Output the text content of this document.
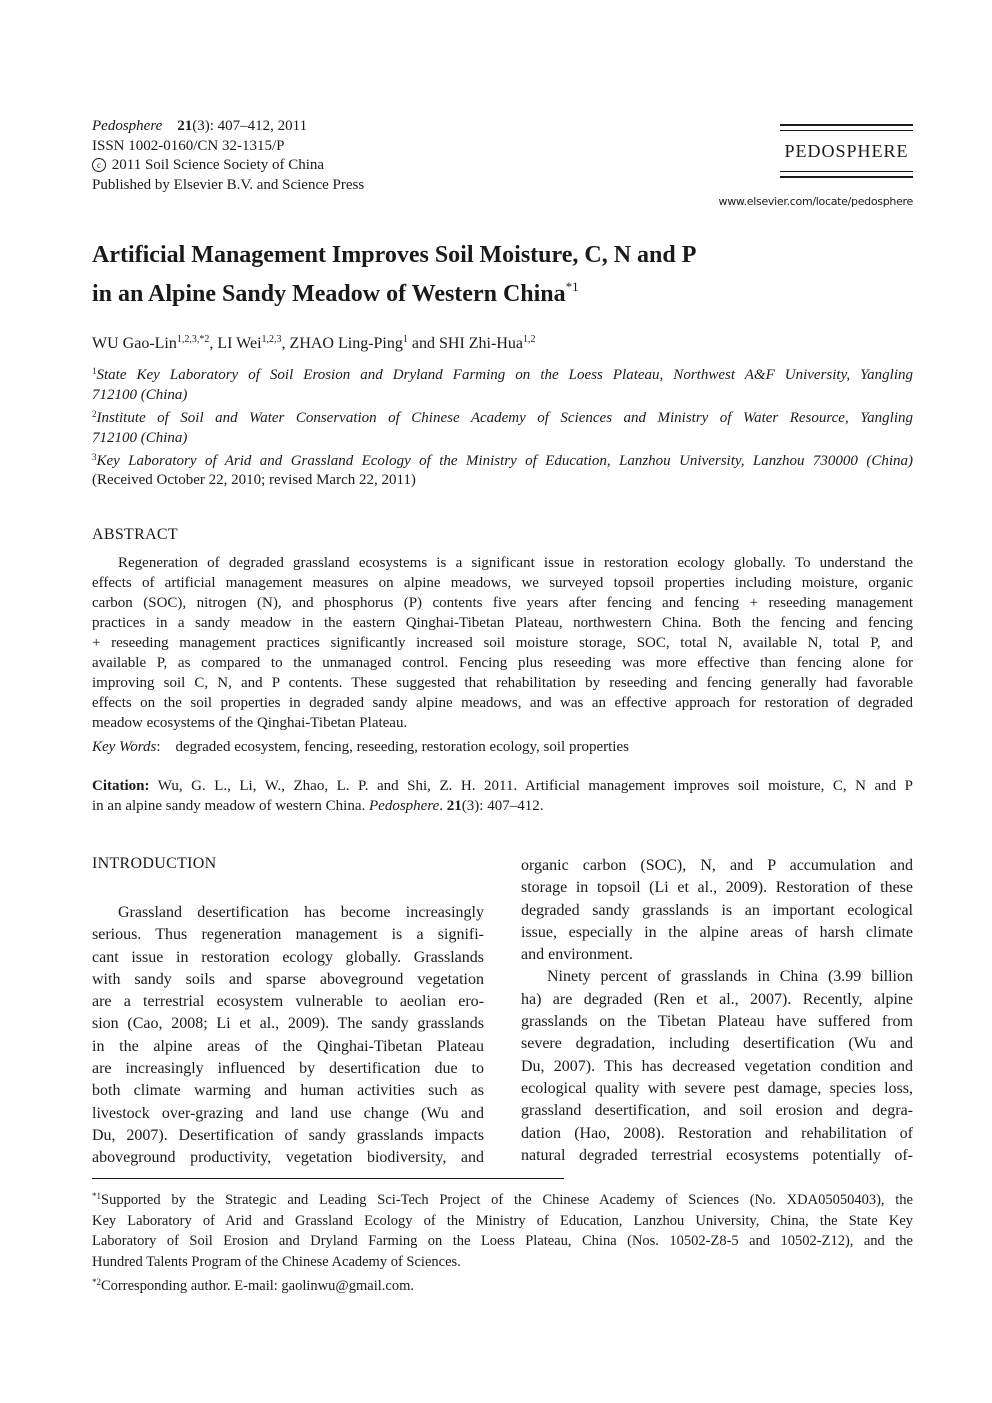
Pedosphere 21(3): 407–412, 2011
ISSN 1002-0160/CN 32-1315/P
c 2011 Soil Science Society of China
Published by Elsevier B.V. and Science Press
PEDOSPHERE
www.elsevier.com/locate/pedosphere
Artificial Management Improves Soil Moisture, C, N and P
in an Alpine Sandy Meadow of Western China$^{*1}$
WU Gao-Lin$^{1,2,3,*2}$, LI Wei$^{1,2,3}$, ZHAO Ling-Ping$^1$ and SHI Zhi-Hua$^{1,2}$
$^1$State Key Laboratory of Soil Erosion and Dryland Farming on the Loess Plateau, Northwest A&F University, Yangling
712100 (China)
$^2$Institute of Soil and Water Conservation of Chinese Academy of Sciences and Ministry of Water Resource, Yangling
712100 (China)
$^3$Key Laboratory of Arid and Grassland Ecology of the Ministry of Education, Lanzhou University, Lanzhou 730000 (China)
(Received October 22, 2010; revised March 22, 2011)
ABSTRACT
Regeneration of degraded grassland ecosystems is a significant issue in restoration ecology globally. To understand the
effects of artificial management measures on alpine meadows, we surveyed topsoil properties including moisture, organic
carbon (SOC), nitrogen (N), and phosphorus (P) contents five years after fencing and fencing + reseeding management
practices in a sandy meadow in the eastern Qinghai-Tibetan Plateau, northwestern China. Both the fencing and fencing
+ reseeding management practices significantly increased soil moisture storage, SOC, total N, available N, total P, and
available P, as compared to the unmanaged control. Fencing plus reseeding was more effective than fencing alone for
improving soil C, N, and P contents. These suggested that rehabilitation by reseeding and fencing generally had favorable
effects on the soil properties in degraded sandy alpine meadows, and was an effective approach for restoration of degraded
meadow ecosystems of the Qinghai-Tibetan Plateau.
Key Words:    degraded ecosystem, fencing, reseeding, restoration ecology, soil properties
Citation: Wu, G. L., Li, W., Zhao, L. P. and Shi, Z. H. 2011. Artificial management improves soil moisture, C, N and P
in an alpine sandy meadow of western China. Pedosphere. 21(3): 407–412.
INTRODUCTION
Grassland desertification has become increasingly
serious. Thus regeneration management is a signifi-
cant issue in restoration ecology globally. Grasslands
with sandy soils and sparse aboveground vegetation
are a terrestrial ecosystem vulnerable to aeolian ero-
sion (Cao, 2008; Li et al., 2009). The sandy grasslands
in the alpine areas of the Qinghai-Tibetan Plateau
are increasingly influenced by desertification due to
both climate warming and human activities such as
livestock over-grazing and land use change (Wu and
Du, 2007). Desertification of sandy grasslands impacts
aboveground productivity, vegetation biodiversity, and
organic carbon (SOC), N, and P accumulation and
storage in topsoil (Li et al., 2009). Restoration of these
degraded sandy grasslands is an important ecological
issue, especially in the alpine areas of harsh climate
and environment.
Ninety percent of grasslands in China (3.99 billion
ha) are degraded (Ren et al., 2007). Recently, alpine
grasslands on the Tibetan Plateau have suffered from
severe degradation, including desertification (Wu and
Du, 2007). This has decreased vegetation condition and
ecological quality with severe pest damage, species loss,
grassland desertification, and soil erosion and degra-
dation (Hao, 2008). Restoration and rehabilitation of
natural degraded terrestrial ecosystems potentially of-
$^{*1}$Supported by the Strategic and Leading Sci-Tech Project of the Chinese Academy of Sciences (No. XDA05050403), the
Key Laboratory of Arid and Grassland Ecology of the Ministry of Education, Lanzhou University, China, the State Key
Laboratory of Soil Erosion and Dryland Farming on the Loess Plateau, China (Nos. 10502-Z8-5 and 10502-Z12), and the
Hundred Talents Program of the Chinese Academy of Sciences.
$^{*2}$Corresponding author. E-mail: gaolinwu@gmail.com.
